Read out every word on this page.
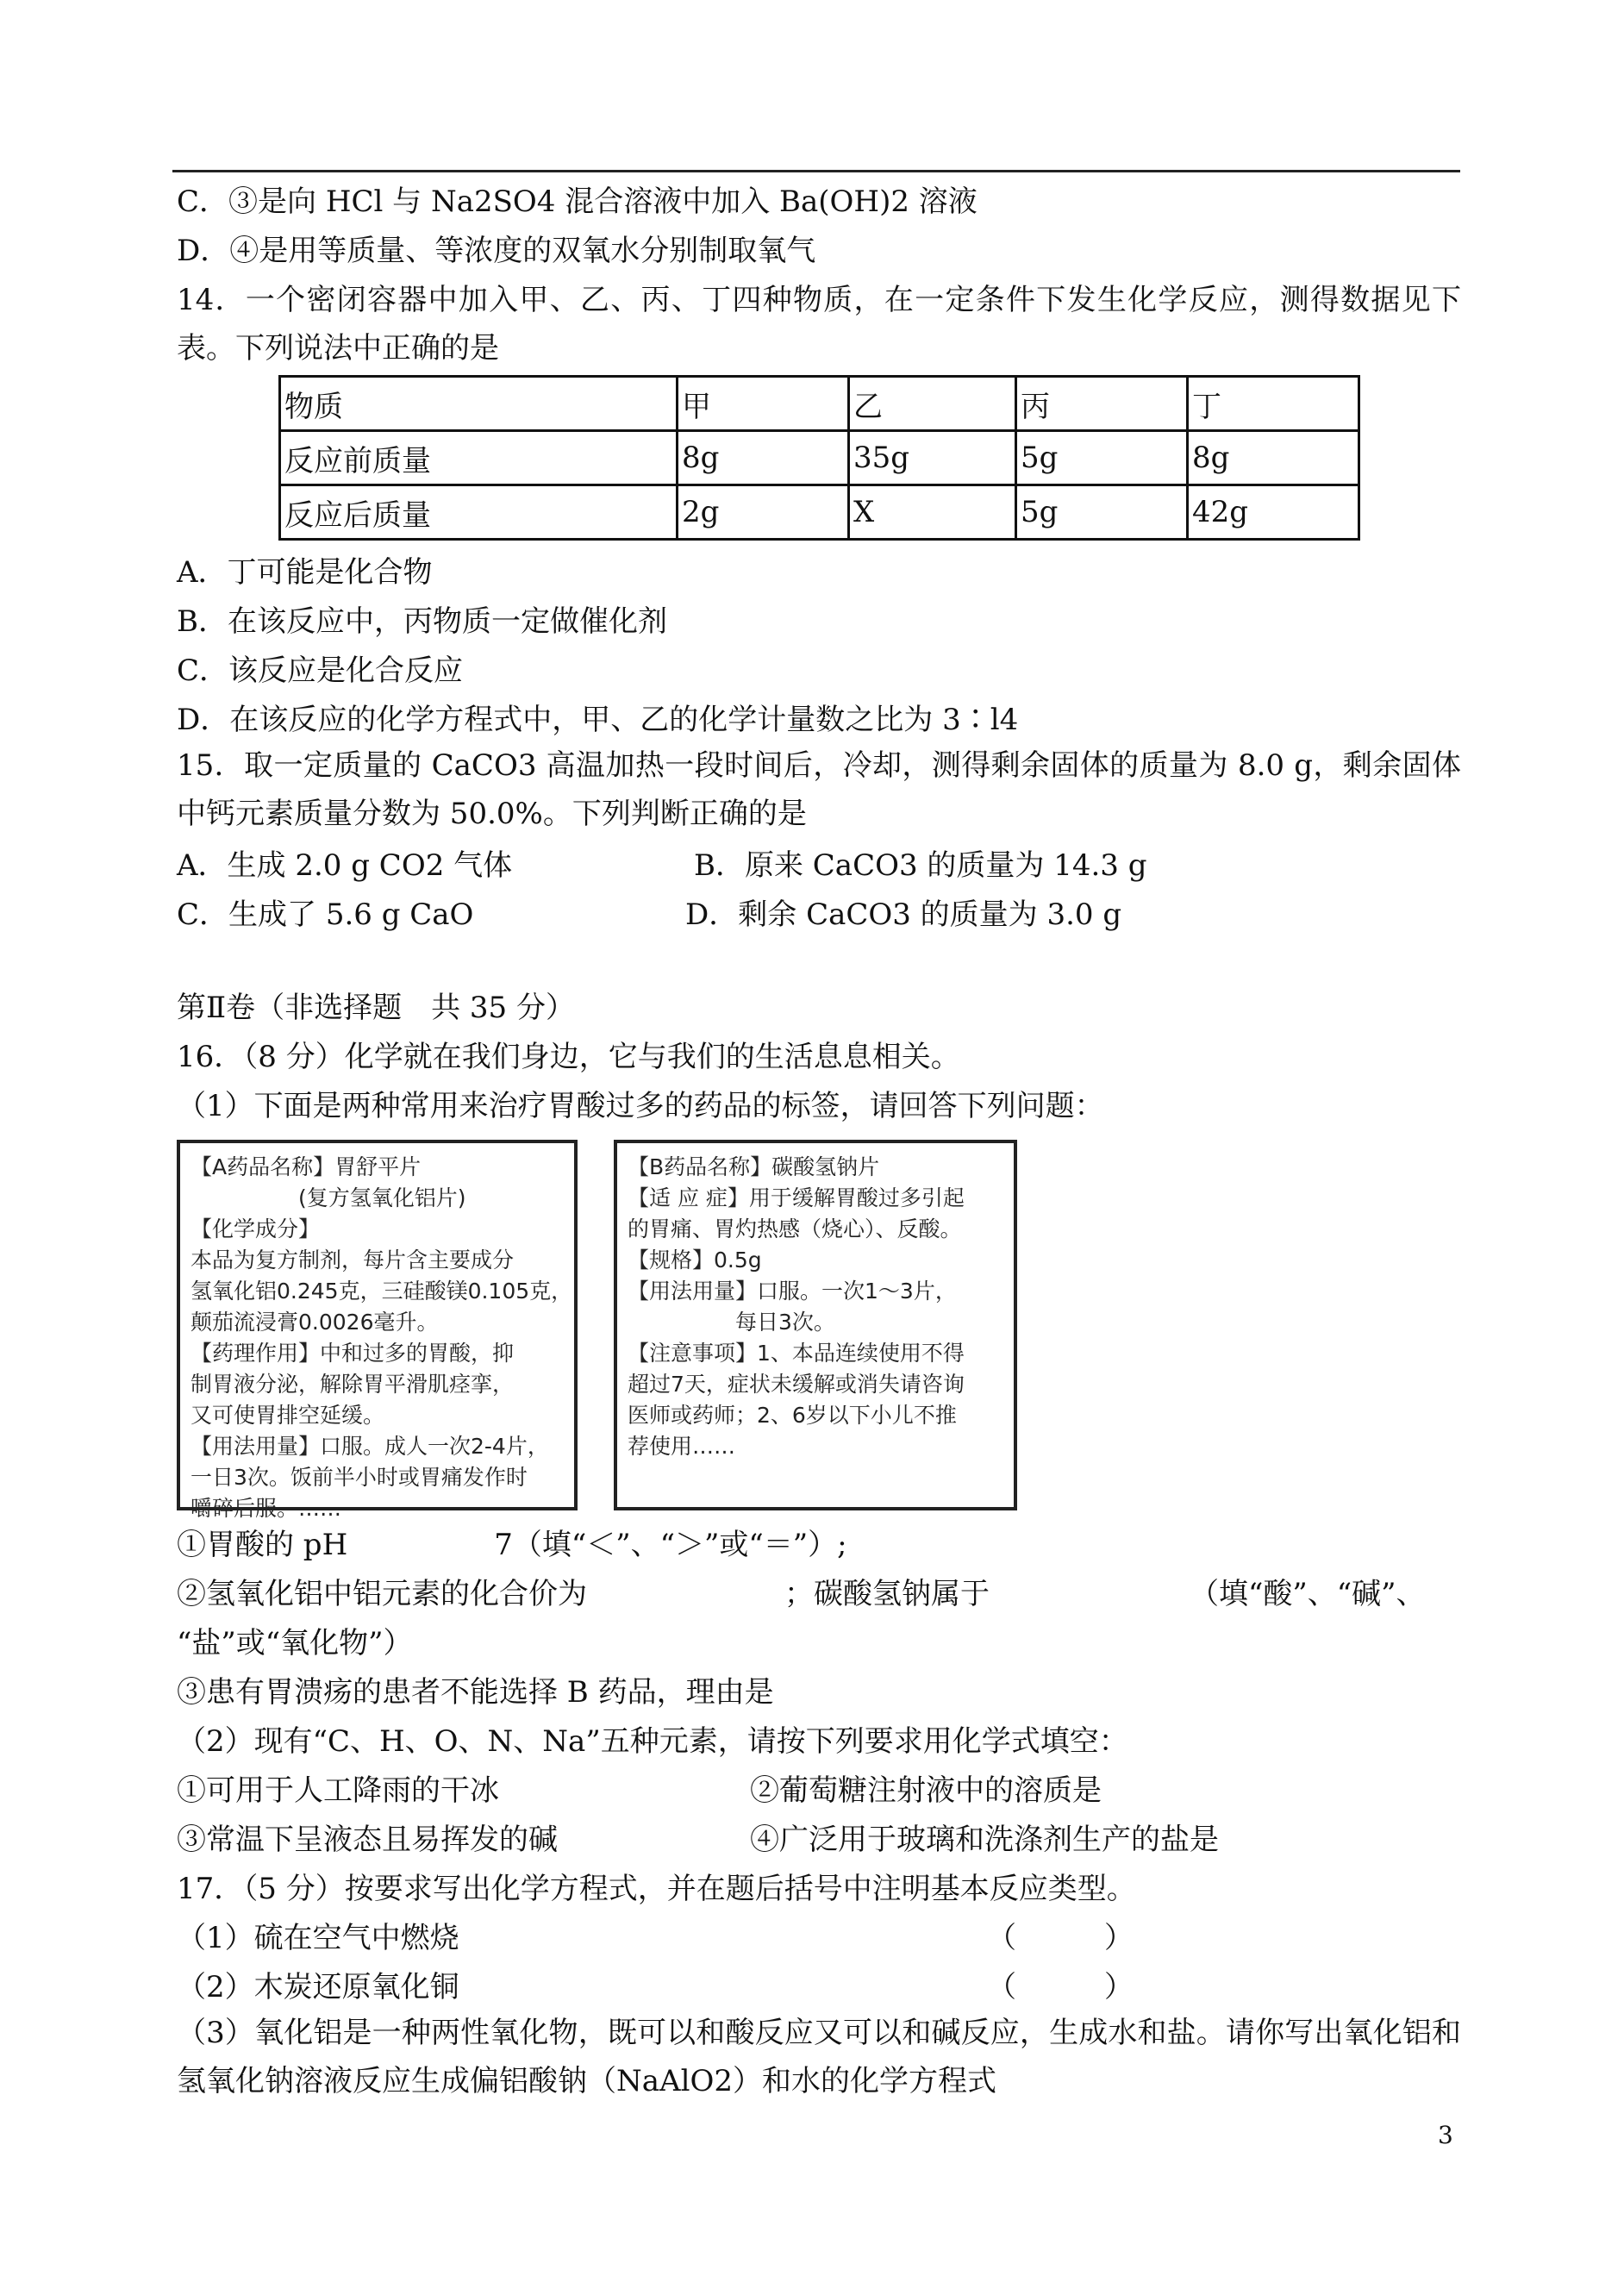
C．③是向 HCl 与 Na2SO4 混合溶液中加入 Ba(OH)2 溶液
D．④是用等质量、等浓度的双氧水分别制取氧气
14．一个密闭容器中加入甲、乙、丙、丁四种物质，在一定条件下发生化学反应，测得数据见下表。下列说法中正确的是
物质	甲	乙	丙	丁
反应前质量	8g	35g	5g	8g
反应后质量	2g	X	5g	42g
A．丁可能是化合物
B．在该反应中，丙物质一定做催化剂
C．该反应是化合反应
D．在该反应的化学方程式中，甲、乙的化学计量数之比为 3∶l4
15．取一定质量的 CaCO3 高温加热一段时间后，冷却，测得剩余固体的质量为 8.0 g，剩余固体中钙元素质量分数为 50.0%。下列判断正确的是
A．生成 2.0 g CO2 气体	B．原来 CaCO3 的质量为 14.3 g
C．生成了 5.6 g CaO	D．剩余 CaCO3 的质量为 3.0 g
第Ⅱ卷（非选择题　共 35 分）
16．（8 分）化学就在我们身边，它与我们的生活息息相关。
（1）下面是两种常用来治疗胃酸过多的药品的标签，请回答下列问题：

【A药品名称】胃舒平片

　　　　　(复方氢氧化铝片)

【化学成分】

本品为复方制剂，每片含主要成分

氢氧化铝0.245克，三硅酸镁0.105克，

颠茄流浸膏0.0026毫升。

【药理作用】中和过多的胃酸，抑

制胃液分泌，解除胃平滑肌痉挛，

又可使胃排空延缓。

【用法用量】口服。成人一次2-4片，

一日3次。饭前半小时或胃痛发作时

嚼碎后服。……

【B药品名称】碳酸氢钠片

【适 应 症】用于缓解胃酸过多引起

的胃痛、胃灼热感（烧心）、反酸。

【规格】0.5g

【用法用量】口服。一次1～3片，

　　　　　每日3次。

【注意事项】1、本品连续使用不得

超过7天，症状未缓解或消失请咨询

医师或药师；2、6岁以下小儿不推

荐使用……

①胃酸的 pH　　　　　7（填“＜”、“＞”或“＝”）;
②氢氧化铝中铝元素的化合价为	；碳酸氢钠属于	（填“酸”、“碱”、
“盐”或“氧化物”）
③患有胃溃疡的患者不能选择 B 药品，理由是
（2）现有“C、H、O、N、Na”五种元素，请按下列要求用化学式填空：
①可用于人工降雨的干冰	②葡萄糖注射液中的溶质是
③常温下呈液态且易挥发的碱	④广泛用于玻璃和洗涤剂生产的盐是
17．（5 分）按要求写出化学方程式，并在题后括号中注明基本反应类型。
（1）硫在空气中燃烧	（　　　）
（2）木炭还原氧化铜	（　　　）
（3）氧化铝是一种两性氧化物，既可以和酸反应又可以和碱反应，生成水和盐。请你写出氧化铝和氢氧化钠溶液反应生成偏铝酸钠（NaAlO2）和水的化学方程式
3
